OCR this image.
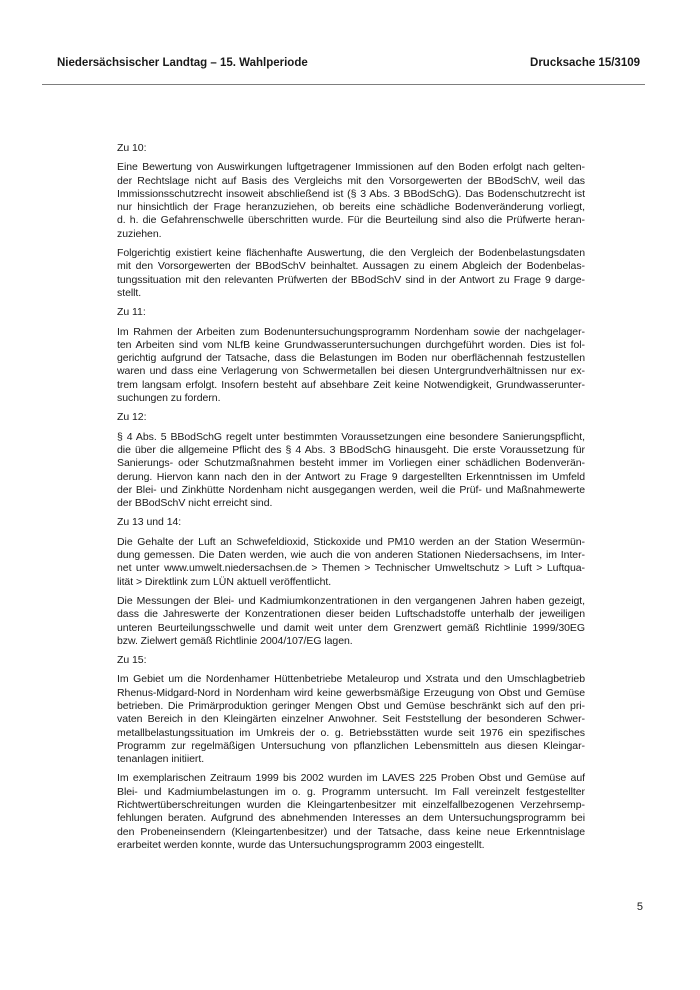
Niedersächsischer Landtag – 15. Wahlperiode	Drucksache 15/3109
Zu 10:
Eine Bewertung von Auswirkungen luftgetragener Immissionen auf den Boden erfolgt nach gelten-
der Rechtslage nicht auf Basis des Vergleichs mit den Vorsorgewerten der BBodSchV, weil das
Immissionsschutzrecht insoweit abschließend ist (§ 3 Abs. 3 BBodSchG). Das Bodenschutzrecht ist
nur hinsichtlich der Frage heranzuziehen, ob bereits eine schädliche Bodenveränderung vorliegt,
d. h. die Gefahrenschwelle überschritten wurde. Für die Beurteilung sind also die Prüfwerte heran-
zuziehen.
Folgerichtig existiert keine flächenhafte Auswertung, die den Vergleich der Bodenbelastungsdaten
mit den Vorsorgewerten der BBodSchV beinhaltet. Aussagen zu einem Abgleich der Bodenbelas-
tungssituation mit den relevanten Prüfwerten der BBodSchV sind in der Antwort zu Frage 9 darge-
stellt.
Zu 11:
Im Rahmen der Arbeiten zum Bodenuntersuchungsprogramm Nordenham sowie der nachgelager-
ten Arbeiten sind vom NLfB keine Grundwasseruntersuchungen durchgeführt worden. Dies ist fol-
gerichtig aufgrund der Tatsache, dass die Belastungen im Boden nur oberflächennah festzustellen
waren und dass eine Verlagerung von Schwermetallen bei diesen Untergrundverhältnissen nur ex-
trem langsam erfolgt. Insofern besteht auf absehbare Zeit keine Notwendigkeit, Grundwasserunter-
suchungen zu fordern.
Zu 12:
§ 4 Abs. 5 BBodSchG regelt unter bestimmten Voraussetzungen eine besondere Sanierungspflicht,
die über die allgemeine Pflicht des § 4 Abs. 3 BBodSchG hinausgeht. Die erste Voraussetzung für
Sanierungs- oder Schutzmaßnahmen besteht immer im Vorliegen einer schädlichen Bodenverän-
derung. Hiervon kann nach den in der Antwort zu Frage 9 dargestellten Erkenntnissen im Umfeld
der Blei- und Zinkhütte Nordenham nicht ausgegangen werden, weil die Prüf- und Maßnahmewerte
der BBodSchV nicht erreicht sind.
Zu 13 und 14:
Die Gehalte der Luft an Schwefeldioxid, Stickoxide und PM10 werden an der Station Wesermün-
dung gemessen. Die Daten werden, wie auch die von anderen Stationen Niedersachsens, im Inter-
net unter www.umwelt.niedersachsen.de > Themen > Technischer Umweltschutz > Luft > Luftqua-
lität > Direktlink zum LÜN aktuell veröffentlicht.
Die Messungen der Blei- und Kadmiumkonzentrationen in den vergangenen Jahren haben gezeigt,
dass die Jahreswerte der Konzentrationen dieser beiden Luftschadstoffe unterhalb der jeweiligen
unteren Beurteilungsschwelle und damit weit unter dem Grenzwert gemäß Richtlinie 1999/30EG
bzw. Zielwert gemäß Richtlinie 2004/107/EG lagen.
Zu 15:
Im Gebiet um die Nordenhamer Hüttenbetriebe Metaleurop und Xstrata und den Umschlagbetrieb
Rhenus-Midgard-Nord in Nordenham wird keine gewerbsmäßige Erzeugung von Obst und Gemüse
betrieben. Die Primärproduktion geringer Mengen Obst und Gemüse beschränkt sich auf den pri-
vaten Bereich in den Kleingärten einzelner Anwohner. Seit Feststellung der besonderen Schwer-
metallbelastungssituation im Umkreis der o. g. Betriebsstätten wurde seit 1976 ein spezifisches
Programm zur regelmäßigen Untersuchung von pflanzlichen Lebensmitteln aus diesen Kleingar-
tenanlagen initiiert.
Im exemplarischen Zeitraum 1999 bis 2002 wurden im LAVES 225 Proben Obst und Gemüse auf
Blei- und Kadmiumbelastungen im o. g. Programm untersucht. Im Fall vereinzelt festgestellter
Richtwertüberschreitungen wurden die Kleingartenbesitzer mit einzelfallbezogenen Verzehrsemp-
fehlungen beraten. Aufgrund des abnehmenden Interesses an dem Untersuchungsprogramm bei
den Probeneinsendern (Kleingartenbesitzer) und der Tatsache, dass keine neue Erkenntnislage
erarbeitet werden konnte, wurde das Untersuchungsprogramm 2003 eingestellt.
5
